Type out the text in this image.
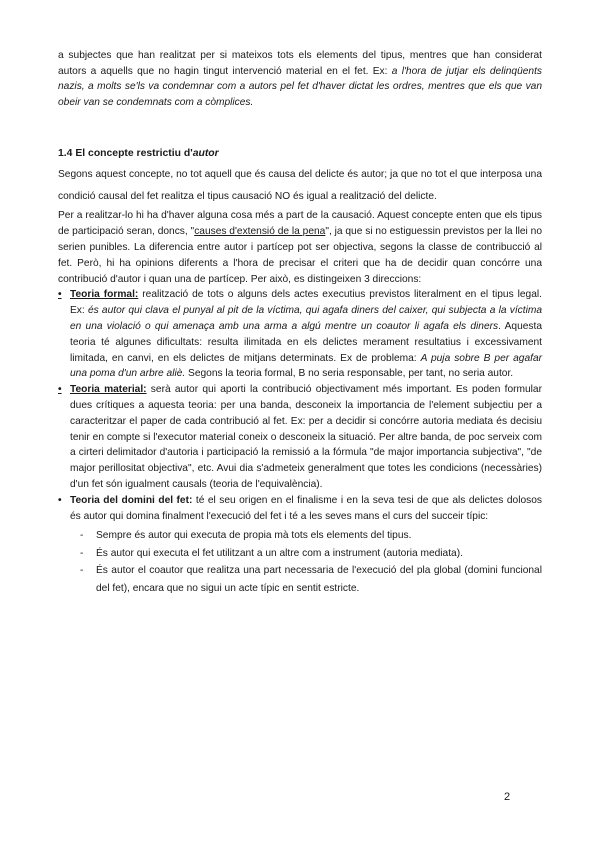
a subjectes que han realitzat per si mateixos tots els elements del tipus, mentres que han considerat autors a aquells que no hagin tingut intervenció material en el fet. Ex: a l'hora de jutjar els delinqüents nazis, a molts se'ls va condemnar com a autors pel fet d'haver dictat les ordres, mentres que els que van obeir van se condemnats com a còmplices.

1.4 El concepte restrictiu d'autor

Segons aquest concepte, no tot aquell que és causa del delicte és autor; ja que no tot el que interposa una condició causal del fet realitza el tipus causació NO és igual a realització del delicte.

Per a realitzar-lo hi ha d'haver alguna cosa més a part de la causació. Aquest concepte enten que els tipus de participació seran, doncs, "causes d'extensió de la pena", ja que si no estiguessin previstos per la llei no serien punibles. La diferencia entre autor i partícep pot ser objectiva, segons la classe de contribucció al fet. Però, hi ha opinions diferents a l'hora de precisar el criteri que ha de decidir quan concórre una contribució d'autor i quan una de partícep. Per això, es distingeixen 3 direccions:

• Teoria formal: realització de tots o alguns dels actes executius previstos literalment en el tipus legal. Ex: és autor qui clava el punyal al pit de la víctima, qui agafa diners del caixer, qui subjecta a la víctima en una violació o qui amenaça amb una arma a algú mentre un coautor li agafa els diners. Aquesta teoria té algunes dificultats: resulta ilimitada en els delictes merament resultatius i excessivament limitada, en canvi, en els delictes de mitjans determinats. Ex de problema: A puja sobre B per agafar una poma d'un arbre aliè. Segons la teoria formal, B no seria responsable, per tant, no seria autor.
• Teoria material: serà autor qui aporti la contribució objectivament més important. Es poden formular dues crítiques a aquesta teoria: per una banda, desconeix la importancia de l'element subjectiu per a caracteritzar el paper de cada contribució al fet. Ex: per a decidir si concórre autoria mediata és decisiu tenir en compte si l'executor material coneix o desconeix la situació. Per altre banda, de poc serveix com a cirteri delimitador d'autoria i participació la remissió a la fórmula "de major importancia subjectiva", "de major perillositat objectiva", etc. Avui dia s'admeteix generalment que totes les condicions (necessàries) d'un fet són igualment causals (teoria de l'equivalència).
• Teoria del domini del fet: té el seu origen en el finalisme i en la seva tesi de que als delictes dolosos és autor qui domina finalment l'execució del fet i té a les seves mans el curs del succeir típic:
- Sempre és autor qui executa de propia mà tots els elements del tipus.
- És autor qui executa el fet utilitzant a un altre com a instrument (autoria mediata).
- És autor el coautor que realitza una part necessaria de l'execució del pla global (domini funcional del fet), encara que no sigui un acte típic en sentit estricte.
2
